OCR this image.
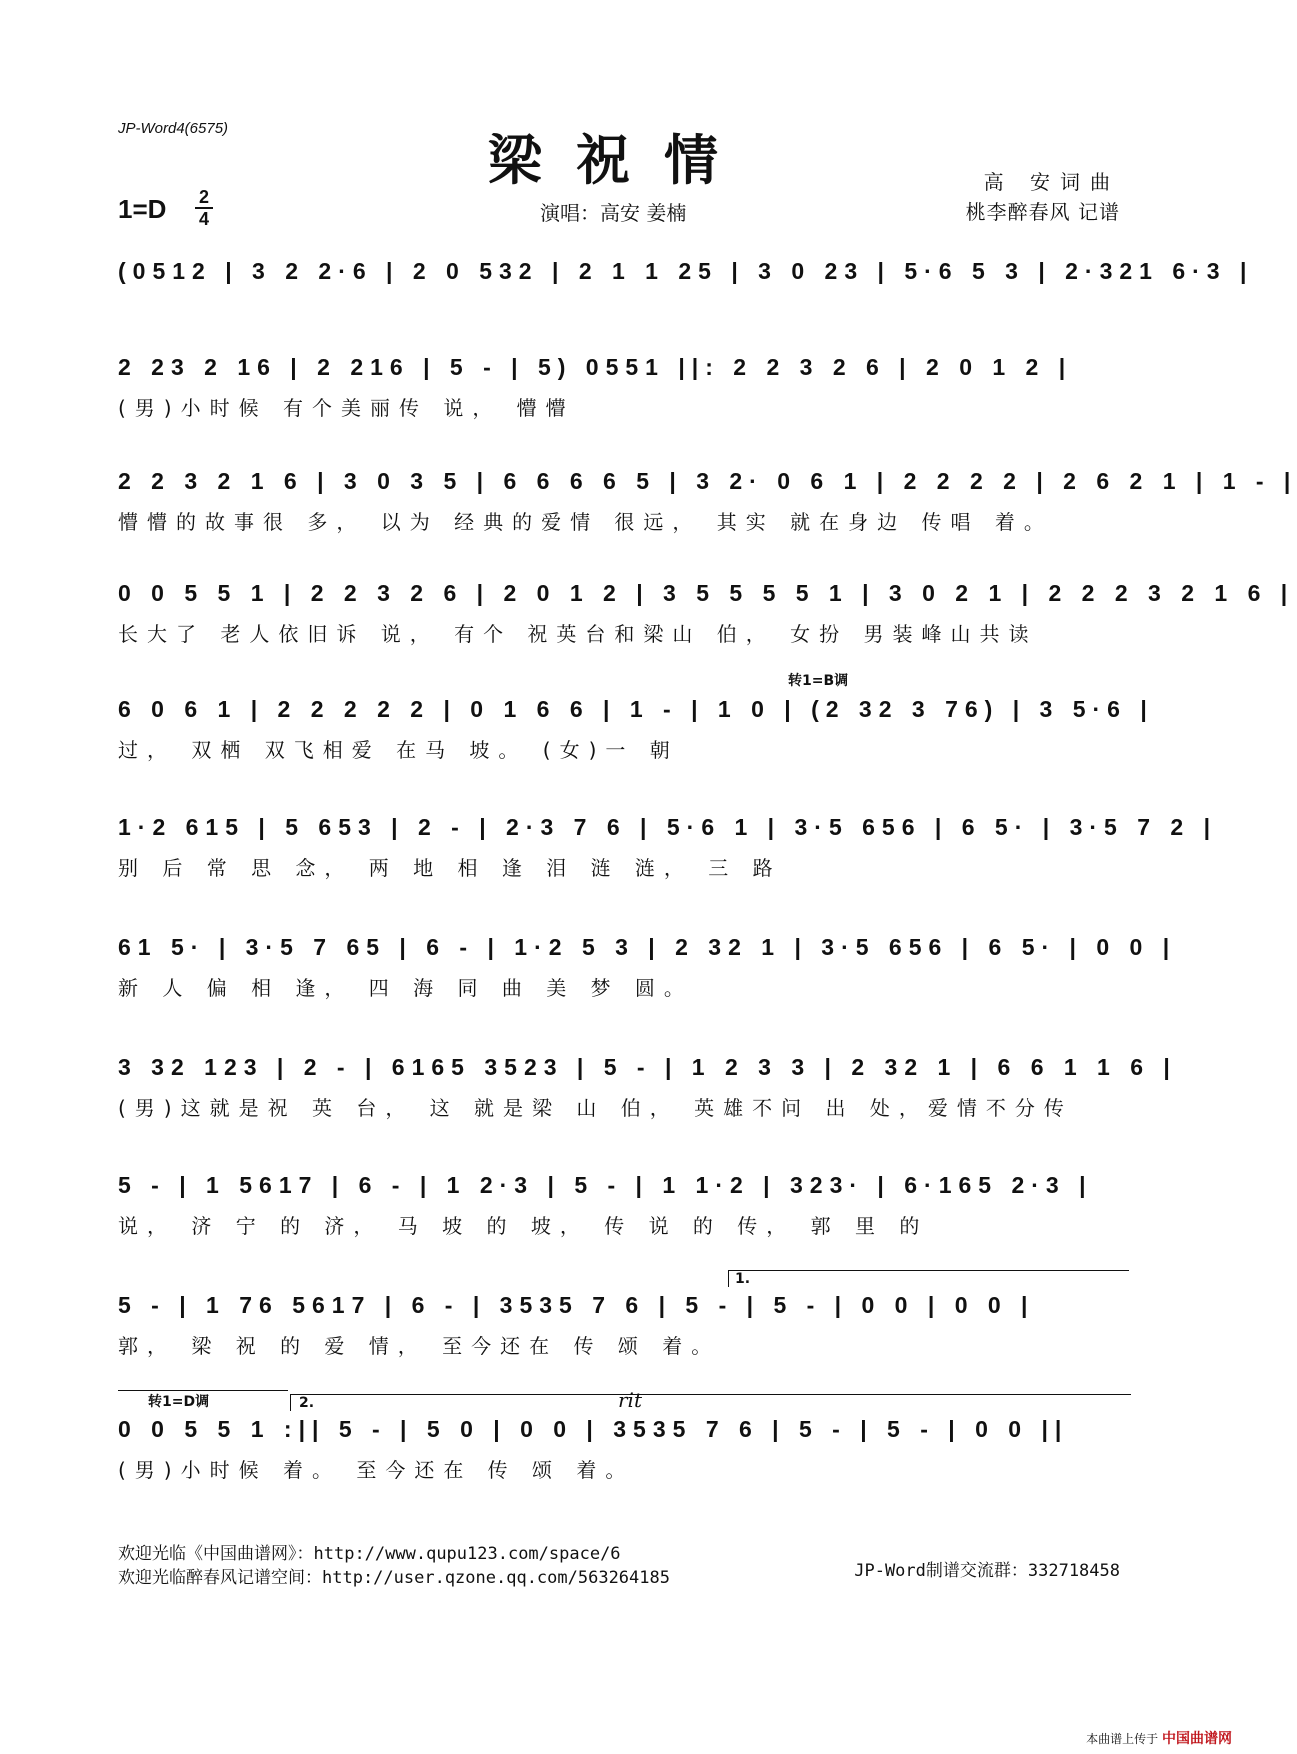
JP-Word4(6575)	梁祝情
1=D 2
4	演唱：高安 姜楠
高 安词曲
桃李醉春风 记谱
(0512 | 3 2 2·6 | 2 0 532 | 2 1 1 25 | 3 0 23 | 5·6 5 3 | 2·321 6·3 |
2 23 2 16 | 2 216 | 5 - | 5) 0551 ||: 2 2 3 2 6 | 2 0 1 2 |
(男)小时候 有个美丽传 说， 懵懵
2 2 3 2 1 6 | 3 0 3 5 | 6 6 6 6 5 | 3 2· 0 6 1 | 2 2 2 2 | 2 6 2 1 | 1 - |
懵懵的故事很 多， 以为 经典的爱情 很远， 其实 就在身边 传唱 着。
0 0 5 5 1 | 2 2 3 2 6 | 2 0 1 2 | 3 5 5 5 5 1 | 3 0 2 1 | 2 2 2 3 2 1 6 |
长大了 老人依旧诉 说， 有个 祝英台和梁山 伯， 女扮 男装峰山共读
转1=B调
6 0 6 1 | 2 2 2 2 2 | 0 1 6 6 | 1 - | 1 0 | (2 32 3 76) | 3 5·6 |
过， 双栖 双飞相爱 在马 坡。 (女)一 朝
1·2 615 | 5 653 | 2 - | 2·3 7 6 | 5·6 1 | 3·5 656 | 6 5· | 3·5 7 2 |
别 后 常 思 念， 两 地 相 逢 泪 涟 涟， 三 路
61 5· | 3·5 7 65 | 6 - | 1·2 5 3 | 2 32 1 | 3·5 656 | 6 5· | 0 0 |
新 人 偏 相 逢， 四 海 同 曲 美 梦 圆。
3 32 123 | 2 - | 6165 3523 | 5 - | 1 2 3 3 | 2 32 1 | 6 6 1 1 6 |
(男)这就是祝 英 台， 这 就是梁 山 伯， 英雄不问 出 处，爱情不分传
5 - | 1 5617 | 6 - | 1 2·3 | 5 - | 1 1·2 | 323· | 6·165 2·3 |
说， 济 宁 的 济， 马 坡 的 坡， 传 说 的 传， 郭 里 的
1.
5 - | 1 76 5617 | 6 - | 3535 7 6 | 5 - | 5 - | 0 0 | 0 0 |
郭， 梁 祝 的 爱 情， 至今还在 传 颂 着。
转1=D调	2.	rit
0 0 5 5 1 :|| 5 - | 5 0 | 0 0 | 3535 7 6 | 5 - | 5 - | 0 0 ||
(男)小时候 着。 至今还在 传 颂 着。
欢迎光临《中国曲谱网》：http://www.qupu123.com/space/6
欢迎光临醉春风记谱空间：http://user.qzone.qq.com/563264185	JP-Word制谱交流群：332718458
本曲谱上传于 中国曲谱网
